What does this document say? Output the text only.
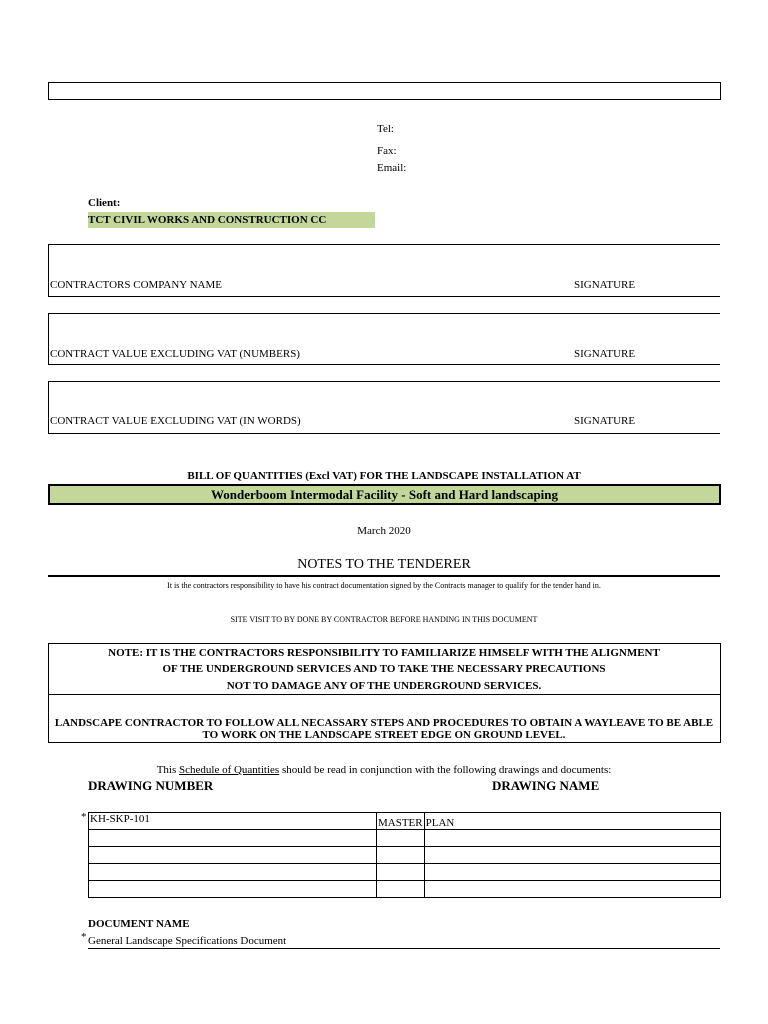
Tel:
Fax:
Email:
Client:
TCT CIVIL WORKS AND CONSTRUCTION CC
CONTRACTORS COMPANY NAME	SIGNATURE
CONTRACT VALUE EXCLUDING VAT (NUMBERS)	SIGNATURE
CONTRACT VALUE EXCLUDING VAT (IN WORDS)	SIGNATURE
BILL OF QUANTITIES (Excl VAT) FOR THE LANDSCAPE INSTALLATION AT
Wonderboom Intermodal Facility - Soft and Hard landscaping
March 2020
NOTES TO THE TENDERER
It is the contractors responsibility to have his contract documentation signed by the Contracts manager to qualify for the tender hand in.
SITE VISIT TO BY DONE BY CONTRACTOR BEFORE HANDING IN THIS DOCUMENT
NOTE: IT IS THE CONTRACTORS RESPONSIBILITY TO FAMILIARIZE HIMSELF WITH THE ALIGNMENT
OF THE UNDERGROUND SERVICES AND TO TAKE THE NECESSARY PRECAUTIONS
NOT TO DAMAGE ANY OF THE UNDERGROUND SERVICES.
LANDSCAPE CONTRACTOR TO FOLLOW ALL NECASSARY STEPS AND PROCEDURES TO OBTAIN A WAYLEAVE TO BE ABLE
TO WORK ON THE LANDSCAPE STREET EDGE ON GROUND LEVEL.
This Schedule of Quantities should be read in conjunction with the following drawings and documents:
DRAWING NUMBER	DRAWING NAME
* KH-SKP-101	MASTER	PLAN

DOCUMENT NAME
* General Landscape Specifications Document
